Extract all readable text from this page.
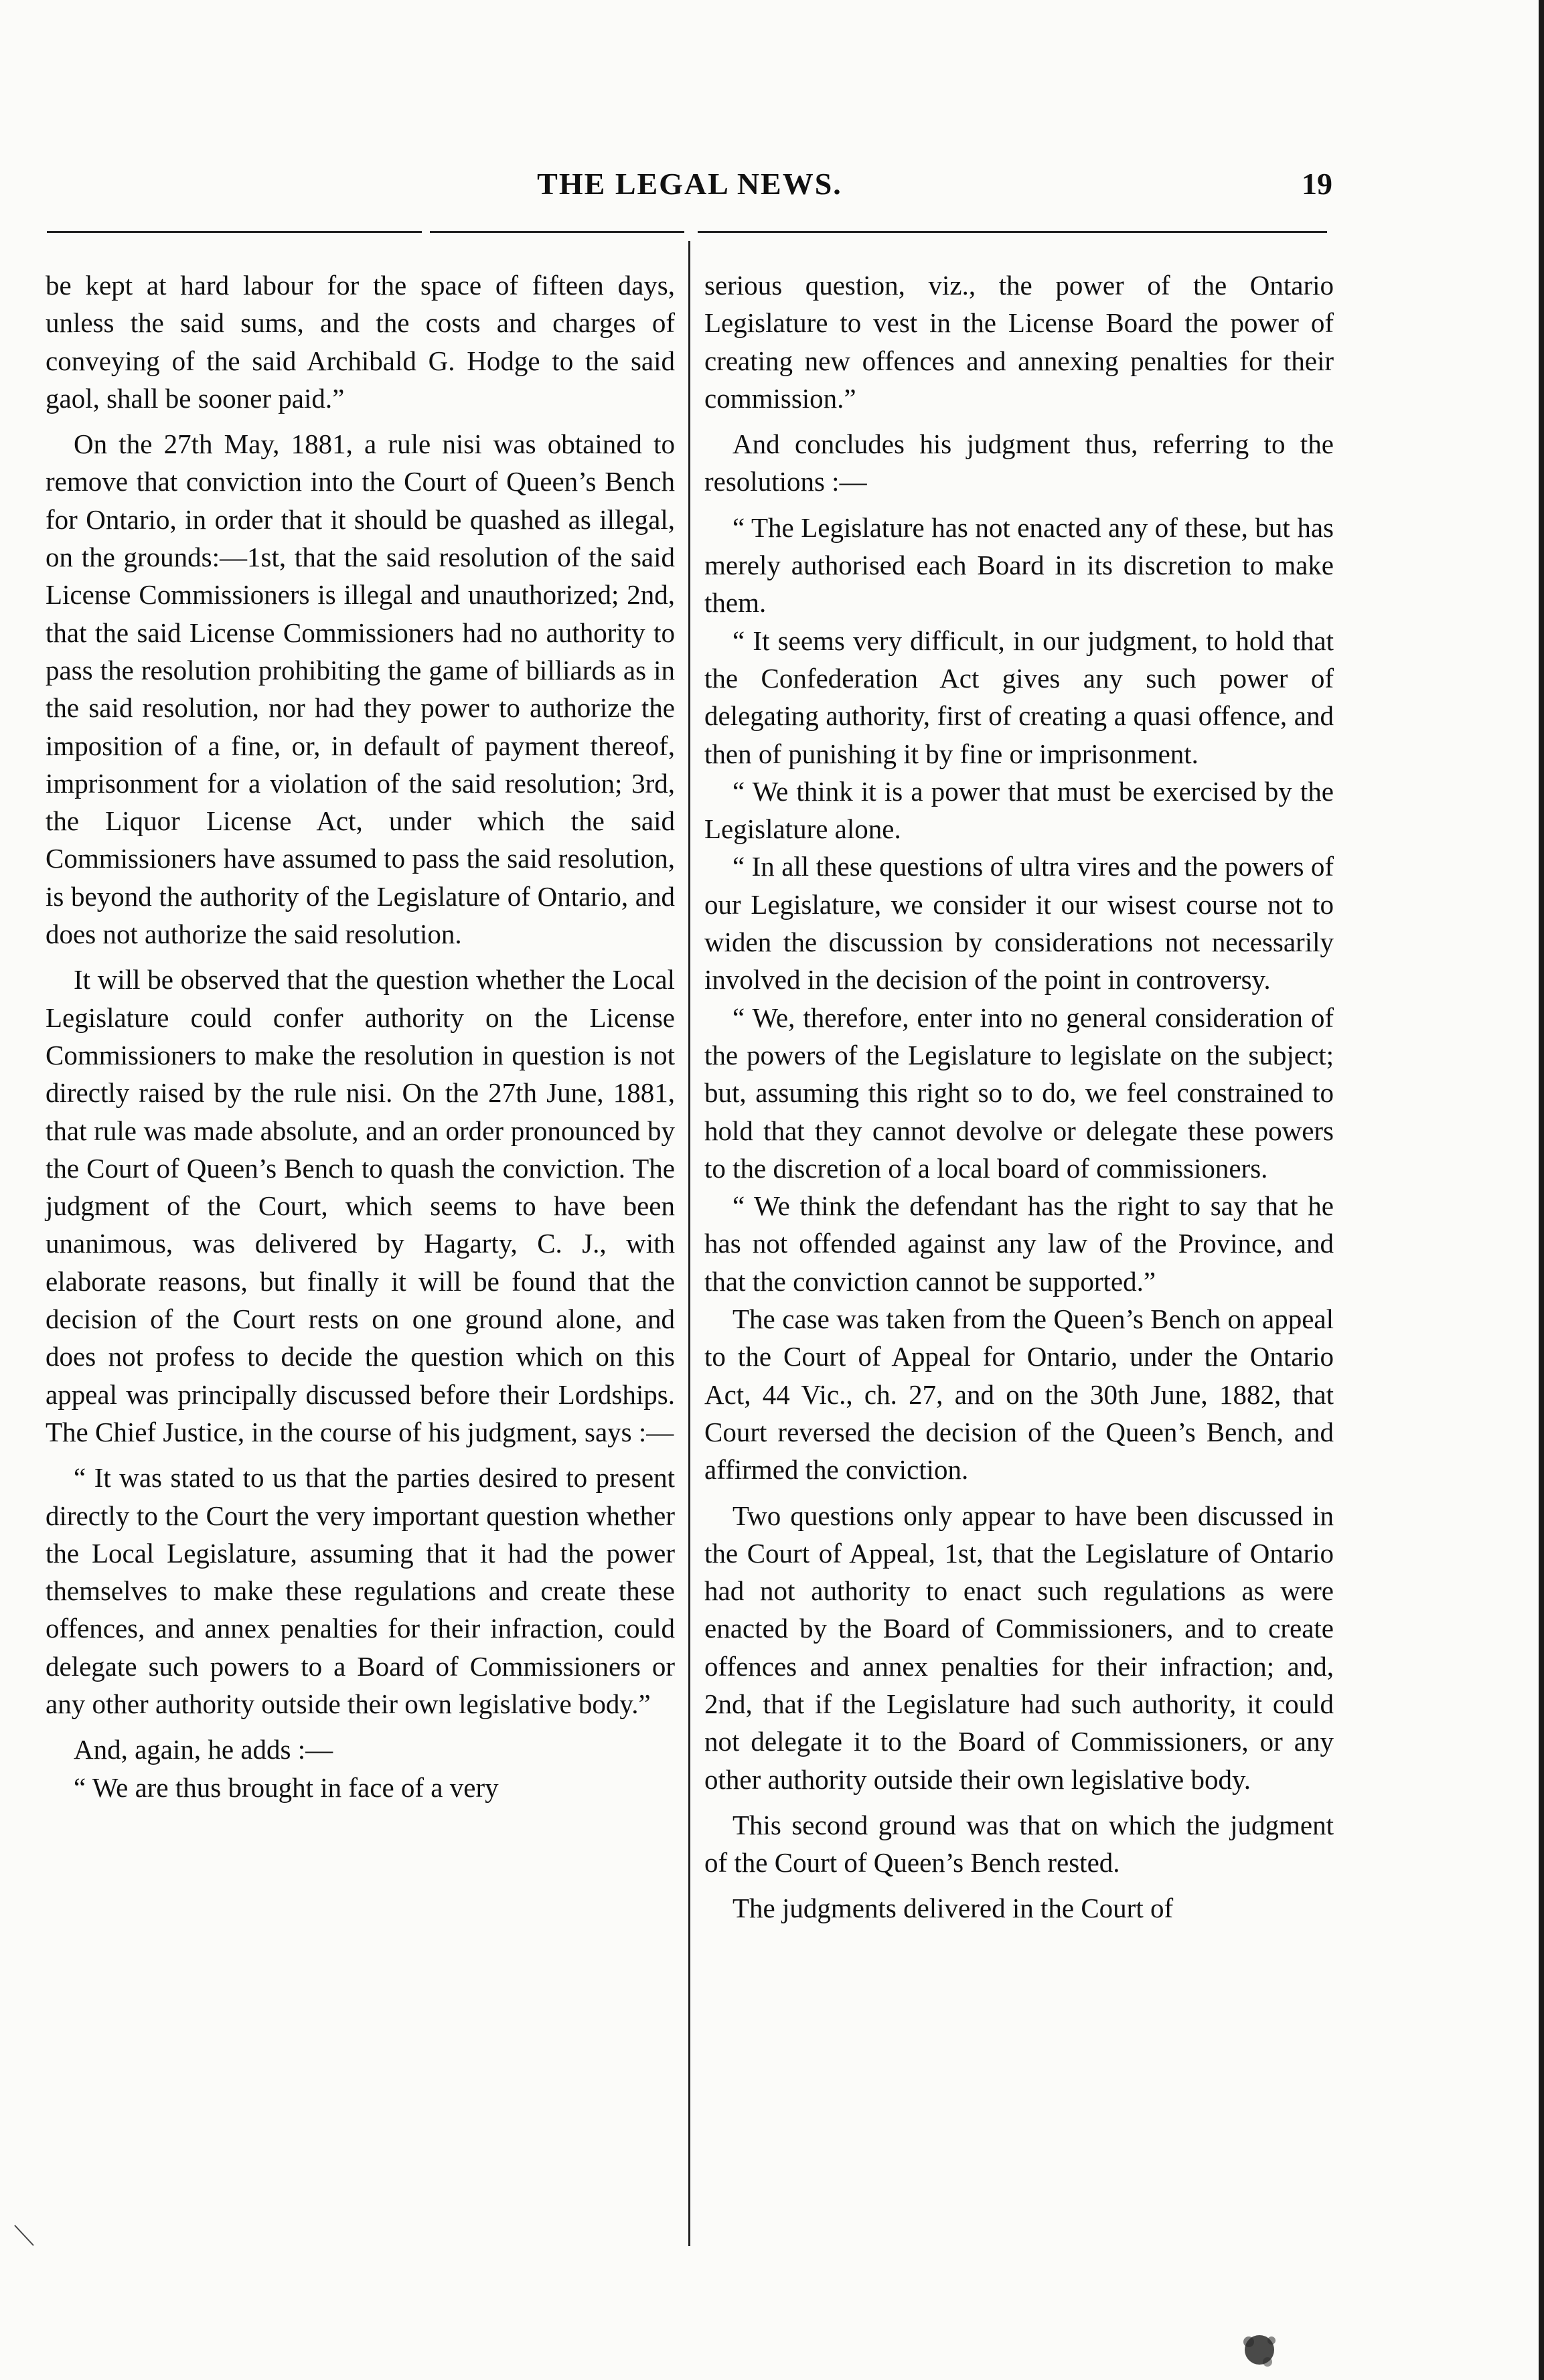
THE LEGAL NEWS.	19

be kept at hard labour for the space of fifteen days, unless the said sums, and the costs and charges of conveying of the said Archibald G. Hodge to the said gaol, shall be sooner paid.”

On the 27th May, 1881, a rule nisi was obtained to remove that conviction into the Court of Queen’s Bench for Ontario, in order that it should be quashed as illegal, on the grounds:—1st, that the said resolution of the said License Commissioners is illegal and unauthorized; 2nd, that the said License Commissioners had no authority to pass the resolution prohibiting the game of billiards as in the said resolution, nor had they power to authorize the imposition of a fine, or, in default of payment thereof, imprisonment for a violation of the said resolution; 3rd, the Liquor License Act, under which the said Commissioners have assumed to pass the said resolution, is beyond the authority of the Legislature of Ontario, and does not authorize the said resolution.

It will be observed that the question whether the Local Legislature could confer authority on the License Commissioners to make the resolution in question is not directly raised by the rule nisi. On the 27th June, 1881, that rule was made absolute, and an order pronounced by the Court of Queen’s Bench to quash the conviction. The judgment of the Court, which seems to have been unanimous, was delivered by Hagarty, C. J., with elaborate reasons, but finally it will be found that the decision of the Court rests on one ground alone, and does not profess to decide the question which on this appeal was principally discussed before their Lordships. The Chief Justice, in the course of his judgment, says :—

“ It was stated to us that the parties desired to present directly to the Court the very important question whether the Local Legislature, assuming that it had the power themselves to make these regulations and create these offences, and annex penalties for their infraction, could delegate such powers to a Board of Commissioners or any other authority outside their own legislative body.”

And, again, he adds :—

“ We are thus brought in face of a very

serious question, viz., the power of the Ontario Legislature to vest in the License Board the power of creating new offences and annexing penalties for their commission.”

And concludes his judgment thus, referring to the resolutions :—

“ The Legislature has not enacted any of these, but has merely authorised each Board in its discretion to make them.

“ It seems very difficult, in our judgment, to hold that the Confederation Act gives any such power of delegating authority, first of creating a quasi offence, and then of punishing it by fine or imprisonment.

“ We think it is a power that must be exercised by the Legislature alone.

“ In all these questions of ultra vires and the powers of our Legislature, we consider it our wisest course not to widen the discussion by considerations not necessarily involved in the decision of the point in controversy.

“ We, therefore, enter into no general consideration of the powers of the Legislature to legislate on the subject; but, assuming this right so to do, we feel constrained to hold that they cannot devolve or delegate these powers to the discretion of a local board of commissioners.

“ We think the defendant has the right to say that he has not offended against any law of the Province, and that the conviction cannot be supported.”

The case was taken from the Queen’s Bench on appeal to the Court of Appeal for Ontario, under the Ontario Act, 44 Vic., ch. 27, and on the 30th June, 1882, that Court reversed the decision of the Queen’s Bench, and affirmed the conviction.

Two questions only appear to have been discussed in the Court of Appeal, 1st, that the Legislature of Ontario had not authority to enact such regulations as were enacted by the Board of Commissioners, and to create offences and annex penalties for their infraction; and, 2nd, that if the Legislature had such authority, it could not delegate it to the Board of Commissioners, or any other authority outside their own legislative body.

This second ground was that on which the judgment of the Court of Queen’s Bench rested.

The judgments delivered in the Court of
